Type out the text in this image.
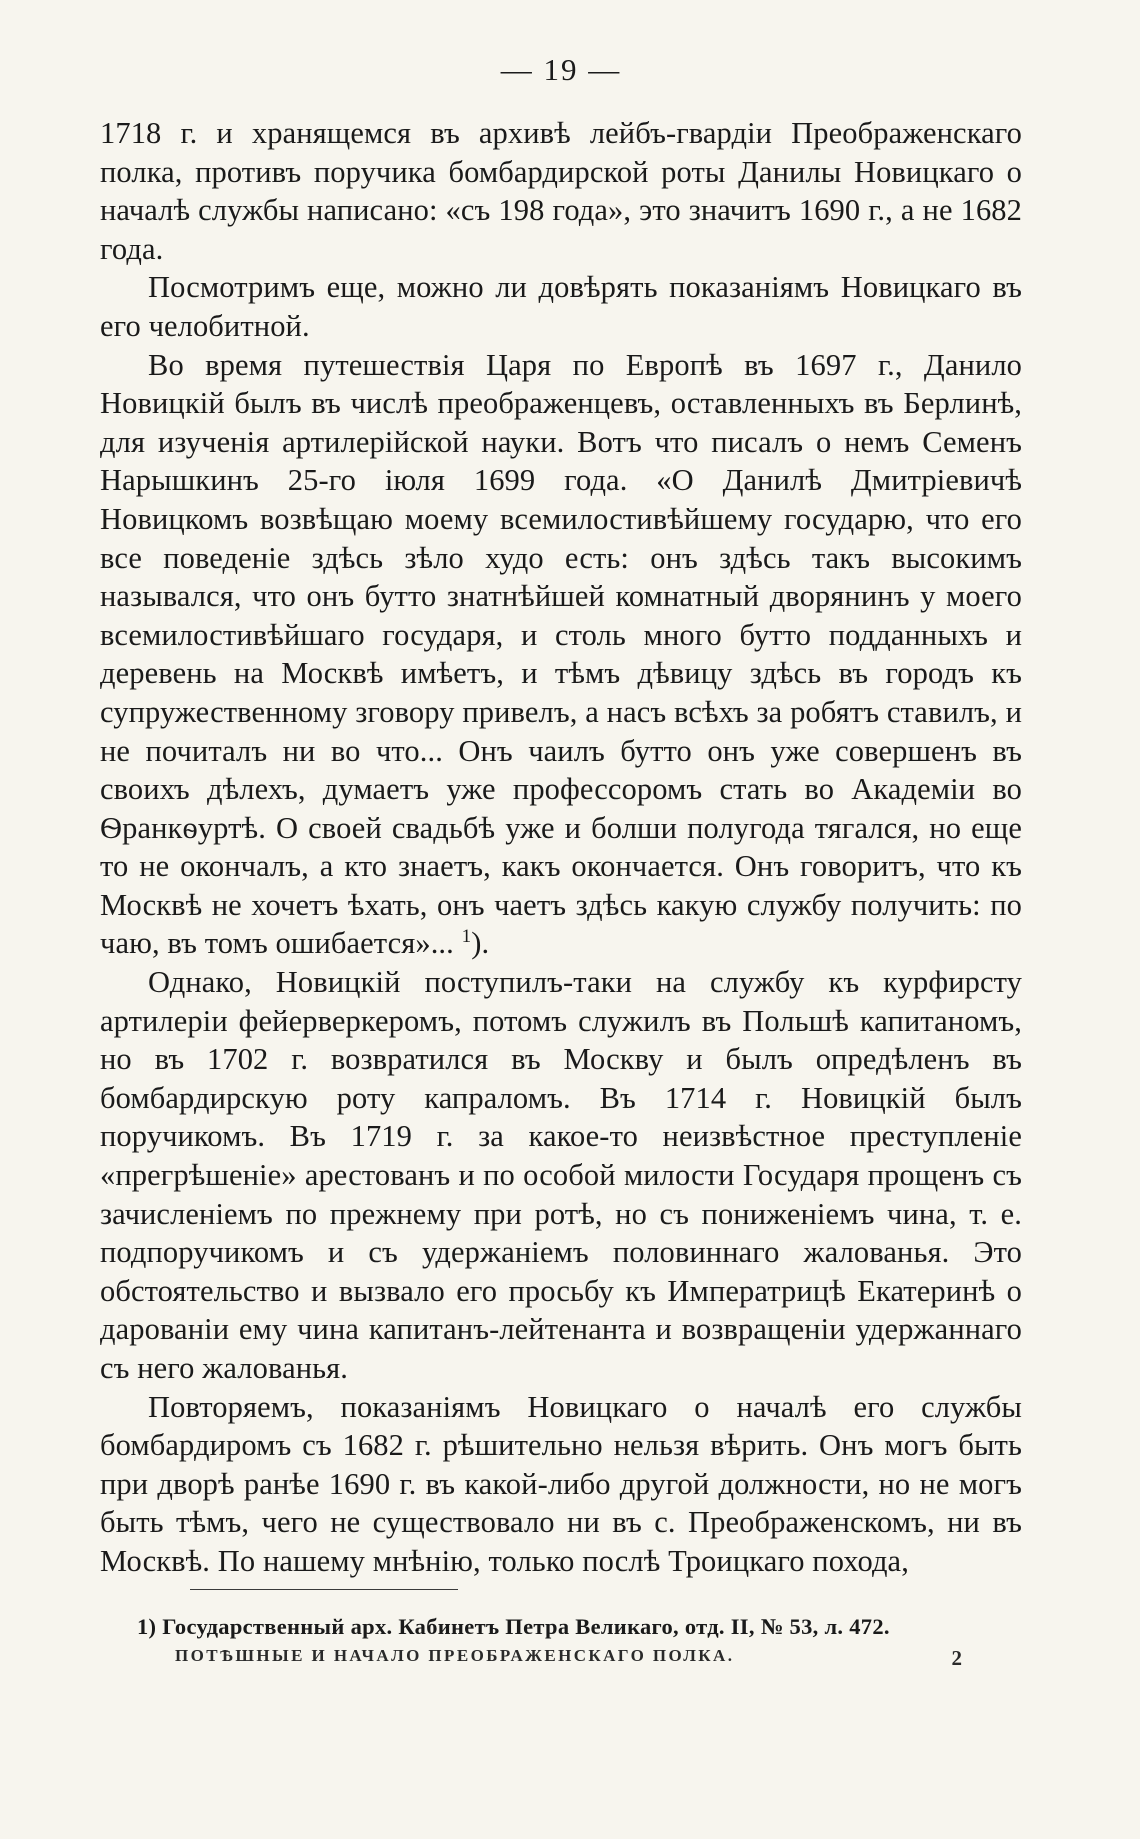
— 19 —

1718 г. и хранящемся въ архивѣ лейбъ-гвардіи Преображенскаго полка, противъ поручика бомбардирской роты Данилы Новицкаго о началѣ службы написано: «съ 198 года», это значитъ 1690 г., а не 1682 года.

Посмотримъ еще, можно ли довѣрять показаніямъ Новицкаго въ его челобитной.

Во время путешествія Царя по Европѣ въ 1697 г., Данило Новицкій былъ въ числѣ преображенцевъ, оставленныхъ въ Берлинѣ, для изученія артилерійской науки. Вотъ что писалъ о немъ Семенъ Нарышкинъ 25-го іюля 1699 года. «О Данилѣ Дмитріевичѣ Новицкомъ возвѣщаю моему всемилостивѣйшему государю, что его все поведеніе здѣсь зѣло худо есть: онъ здѣсь такъ высокимъ назывался, что онъ бутто знатнѣйшей комнатный дворянинъ у моего всемилостивѣйшаго государя, и столь много бутто подданныхъ и деревень на Москвѣ имѣетъ, и тѣмъ дѣвицу здѣсь въ городъ къ супружественному зговору привелъ, а насъ всѣхъ за робятъ ставилъ, и не почиталъ ни во что... Онъ чаилъ бутто онъ уже совершенъ въ своихъ дѣлехъ, думаетъ уже профессоромъ стать во Академіи во Ѳранкѳуртѣ. О своей свадьбѣ уже и болши полугода тягался, но еще то не окончалъ, а кто знаетъ, какъ окончается. Онъ говоритъ, что къ Москвѣ не хочетъ ѣхать, онъ чаетъ здѣсь какую службу получить: по чаю, въ томъ ошибается»... $^1$).

Однако, Новицкій поступилъ-таки на службу къ курфирсту артилеріи фейерверкеромъ, потомъ служилъ въ Польшѣ капитаномъ, но въ 1702 г. возвратился въ Москву и былъ опредѣленъ въ бомбардирскую роту капраломъ. Въ 1714 г. Новицкій былъ поручикомъ. Въ 1719 г. за какое-то неизвѣстное преступленіе «прегрѣшеніе» арестованъ и по особой милости Государя прощенъ съ зачисленіемъ по прежнему при ротѣ, но съ пониженіемъ чина, т. е. подпоручикомъ и съ удержаніемъ половиннаго жалованья. Это обстоятельство и вызвало его просьбу къ Императрицѣ Екатеринѣ о дарованіи ему чина капитанъ-лейтенанта и возвращеніи удержаннаго съ него жалованья.

Повторяемъ, показаніямъ Новицкаго о началѣ его службы бомбардиромъ съ 1682 г. рѣшительно нельзя вѣрить. Онъ могъ быть при дворѣ ранѣе 1690 г. въ какой-либо другой должности, но не могъ быть тѣмъ, чего не существовало ни въ с. Преображенскомъ, ни въ Москвѣ. По нашему мнѣнію, только послѣ Троицкаго похода,

1) Государственный арх. Кабинетъ Петра Великаго, отд. II, № 53, л. 472.
ПОТѢШНЫЕ И НАЧАЛО ПРЕОБРАЖЕНСКАГО ПОЛКА.	2
